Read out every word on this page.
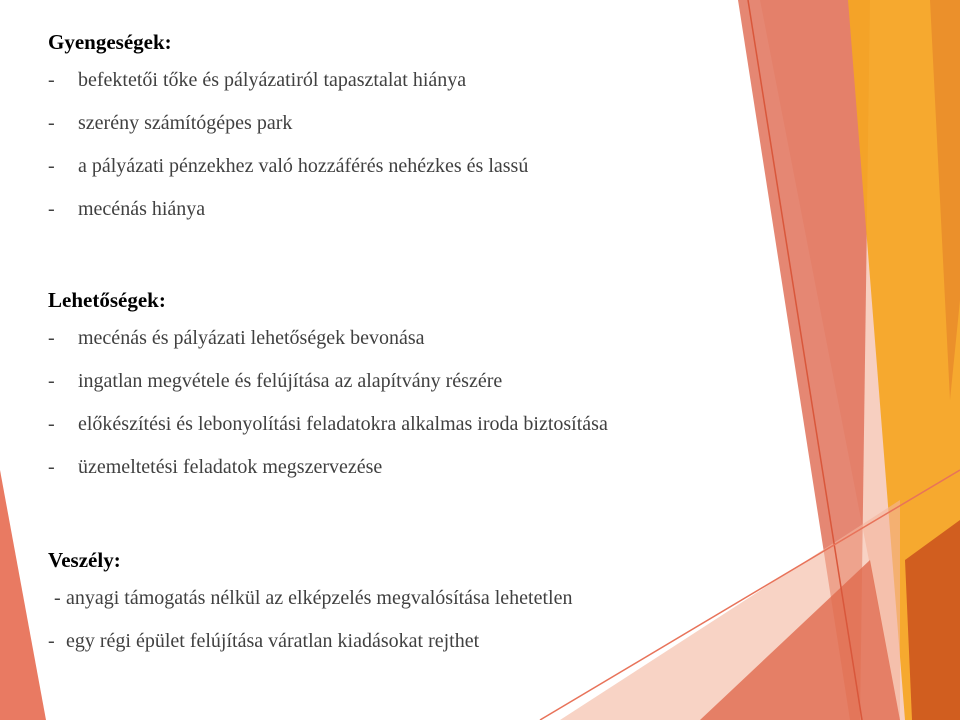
Gyengeségek:
- befektetői tőke és pályázatiról tapasztalat hiánya
- szerény számítógépes park
- a pályázati pénzekhez való hozzáférés nehézkes és lassú
- mecénás hiánya
Lehetőségek:
- mecénás és pályázati lehetőségek bevonása
- ingatlan megvétele és felújítása az alapítvány részére
- előkészítési és lebonyolítási feladatokra alkalmas iroda biztosítása
- üzemeltetési feladatok megszervezése
Veszély:
- anyagi támogatás nélkül az elképzelés megvalósítása lehetetlen
- egy régi épület felújítása váratlan kiadásokat rejthet
